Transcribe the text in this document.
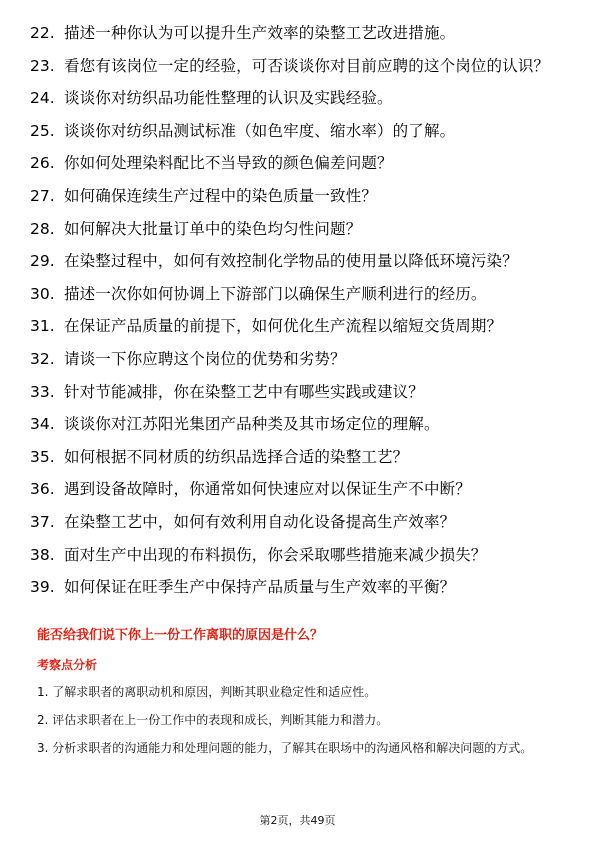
22. 描述一种你认为可以提升生产效率的染整工艺改进措施。
23. 看您有该岗位一定的经验，可否谈谈你对目前应聘的这个岗位的认识？
24. 谈谈你对纺织品功能性整理的认识及实践经验。
25. 谈谈你对纺织品测试标准（如色牢度、缩水率）的了解。
26. 你如何处理染料配比不当导致的颜色偏差问题？
27. 如何确保连续生产过程中的染色质量一致性？
28. 如何解决大批量订单中的染色均匀性问题？
29. 在染整过程中，如何有效控制化学物品的使用量以降低环境污染？
30. 描述一次你如何协调上下游部门以确保生产顺利进行的经历。
31. 在保证产品质量的前提下，如何优化生产流程以缩短交货周期？
32. 请谈一下你应聘这个岗位的优势和劣势？
33. 针对节能减排，你在染整工艺中有哪些实践或建议？
34. 谈谈你对江苏阳光集团产品种类及其市场定位的理解。
35. 如何根据不同材质的纺织品选择合适的染整工艺？
36. 遇到设备故障时，你通常如何快速应对以保证生产不中断？
37. 在染整工艺中，如何有效利用自动化设备提高生产效率？
38. 面对生产中出现的布料损伤，你会采取哪些措施来减少损失？
39. 如何保证在旺季生产中保持产品质量与生产效率的平衡？
能否给我们说下你上一份工作离职的原因是什么？
考察点分析
1. 了解求职者的离职动机和原因，判断其职业稳定性和适应性。
2. 评估求职者在上一份工作中的表现和成长，判断其能力和潜力。
3. 分析求职者的沟通能力和处理问题的能力，了解其在职场中的沟通风格和解决问题的方式。
第2页，共49页
